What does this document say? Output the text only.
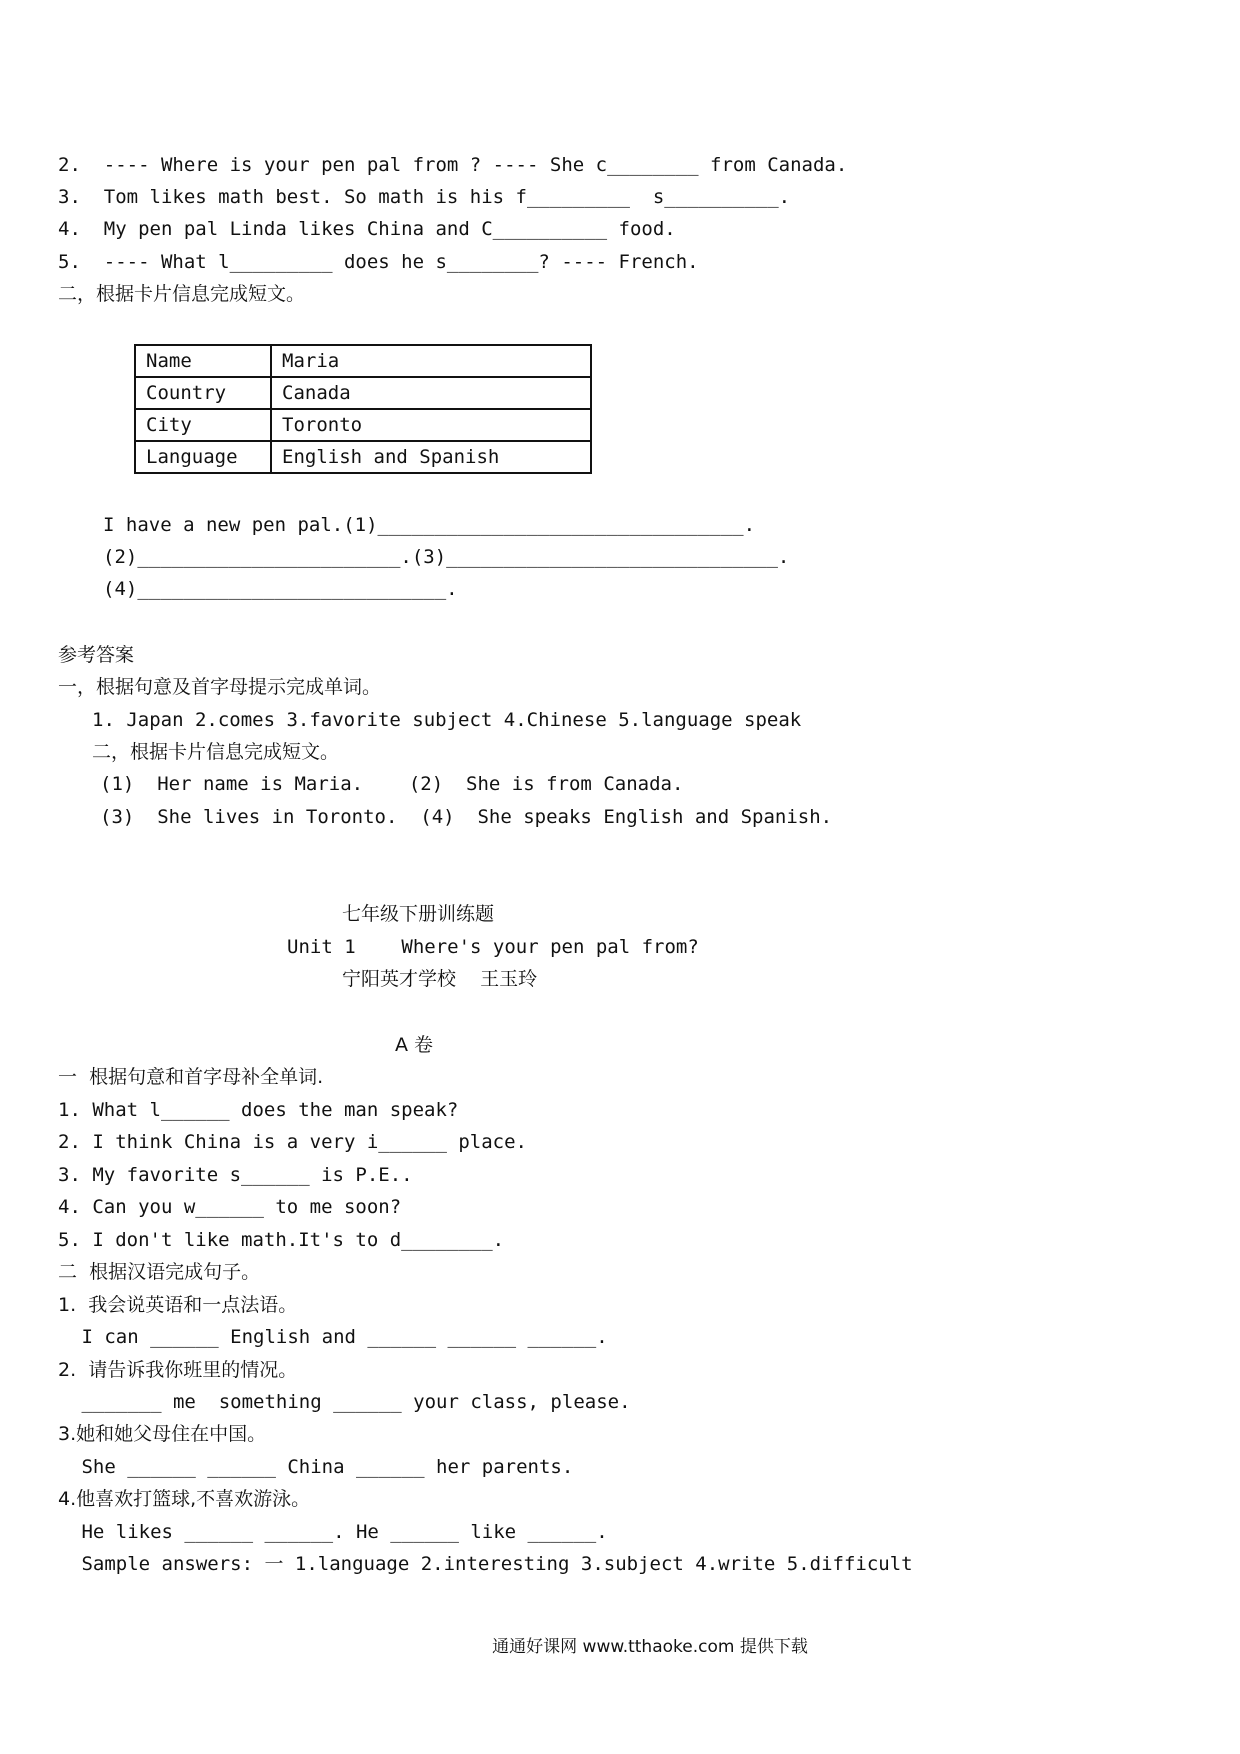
2.  ---- Where is your pen pal from ? ---- She c________ from Canada.
3.  Tom likes math best. So math is his f_________  s__________.
4.  My pen pal Linda likes China and C__________ food.
5.  ---- What l_________ does he s________? ---- French.
二，根据卡片信息完成短文。
Name	Maria
Country	Canada
City	Toronto
Language	English and Spanish
I have a new pen pal.(1)________________________________.
(2)_______________________.(3)_____________________________.
(4)___________________________.
参考答案
一，根据句意及首字母提示完成单词。
1. Japan 2.comes 3.favorite subject 4.Chinese 5.language speak
二，根据卡片信息完成短文。
(1)  Her name is Maria.    (2)  She is from Canada.
(3)  She lives in Toronto.  (4)  She speaks English and Spanish.
七年级下册训练题
Unit 1    Where's your pen pal from?
宁阳英才学校    王玉玲
A 卷
一  根据句意和首字母补全单词.
1. What l______ does the man speak?
2. I think China is a very i______ place.
3. My favorite s______ is P.E..
4. Can you w______ to me soon?
5. I don't like math.It's to d________.
二  根据汉语完成句子。
1.  我会说英语和一点法语。
I can ______ English and ______ ______ ______.
2.  请告诉我你班里的情况。
_______ me  something ______ your class, please.
3.她和她父母住在中国。
She ______ ______ China ______ her parents.
4.他喜欢打篮球,不喜欢游泳。
He likes ______ ______. He ______ like ______.
Sample answers: 一 1.language 2.interesting 3.subject 4.write 5.difficult
通通好课网 www.tthaoke.com 提供下载
